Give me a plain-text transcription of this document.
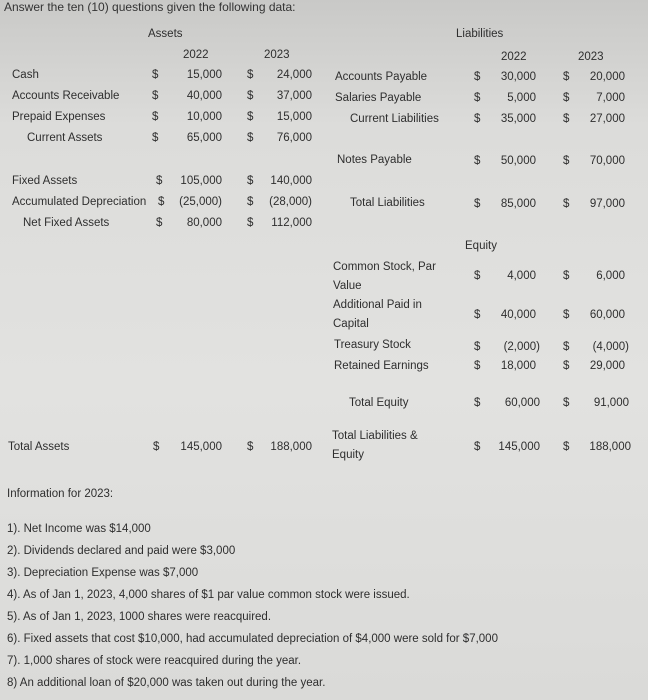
Answer the ten (10) questions given the following data:
Assets
2022	2023
Cash	$	15,000 $	24,000
Accounts Receivable	$	40,000 $	37,000
Prepaid Expenses	$	10,000 $	15,000
Current Assets	$	65,000 $	76,000
Fixed Assets	$	105,000 $	140,000
Accumulated Depreciation $	(25,000) $	(28,000)
Net Fixed Assets	$	80,000 $	112,000
Total Assets	$	145,000 $	188,000
Liabilities
2022	2023
Accounts Payable	$	30,000 $	20,000
Salaries Payable	$	5,000 $	7,000
Current Liabilities	$	35,000 $	27,000
Notes Payable	$	50,000 $	70,000
Total Liabilities	$	85,000 $	97,000
Equity
Common Stock, Par Value
$	4,000 $	6,000
Additional Paid in Capital
$	40,000 $	60,000
Treasury Stock	$	(2,000) $	(4,000)
Retained Earnings	$	18,000 $	29,000
Total Equity	$	60,000 $	91,000
Total Liabilities & Equity
$	145,000 $	188,000
Information for 2023:
1). Net Income was $14,000
2). Dividends declared and paid were $3,000
3). Depreciation Expense was $7,000
4). As of Jan 1, 2023, 4,000 shares of $1 par value common stock were issued.
5). As of Jan 1, 2023, 1000 shares were reacquired.
6). Fixed assets that cost $10,000, had accumulated depreciation of $4,000 were sold for $7,000
7). 1,000 shares of stock were reacquired during the year.
8) An additional loan of $20,000 was taken out during the year.
